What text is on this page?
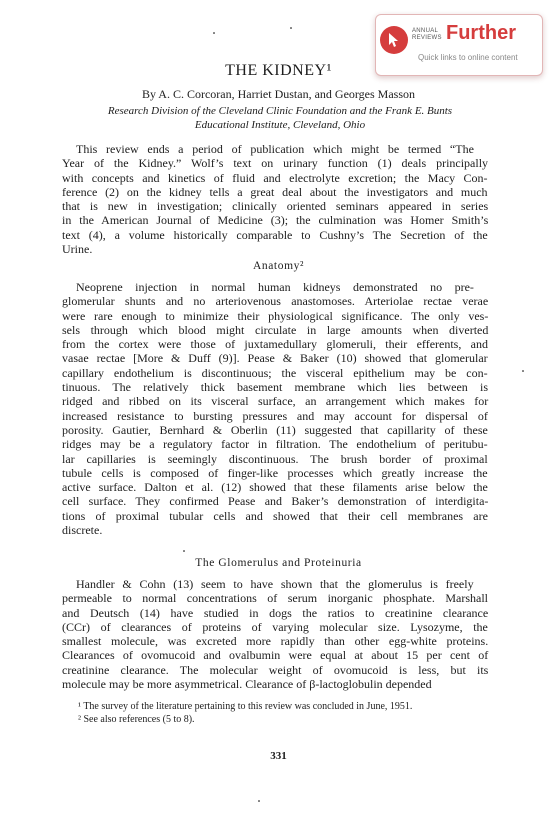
ANNUAL REVIEWS Further
Quick links to online content
THE KIDNEY¹
By A. C. Corcoran, Harriet Dustan, and Georges Masson
Research Division of the Cleveland Clinic Foundation and the Frank E. Bunts
Educational Institute, Cleveland, Ohio
This review ends a period of publication which might be termed “The
Year of the Kidney.” Wolf’s text on urinary function (1) deals principally
with concepts and kinetics of fluid and electrolyte excretion; the Macy Con-
ference (2) on the kidney tells a great deal about the investigators and much
that is new in investigation; clinically oriented seminars appeared in series
in the American Journal of Medicine (3); the culmination was Homer Smith’s
text (4), a volume historically comparable to Cushny’s The Secretion of the
Urine.
Anatomy²
Neoprene injection in normal human kidneys demonstrated no pre-
glomerular shunts and no arteriovenous anastomoses. Arteriolae rectae verae
were rare enough to minimize their physiological significance. The only ves-
sels through which blood might circulate in large amounts when diverted
from the cortex were those of juxtamedullary glomeruli, their efferents, and
vasae rectae [More & Duff (9)]. Pease & Baker (10) showed that glomerular
capillary endothelium is discontinuous; the visceral epithelium may be con-
tinuous. The relatively thick basement membrane which lies between is
ridged and ribbed on its visceral surface, an arrangement which makes for
increased resistance to bursting pressures and may account for dispersal of
porosity. Gautier, Bernhard & Oberlin (11) suggested that capillarity of these
ridges may be a regulatory factor in filtration. The endothelium of peritubu-
lar capillaries is seemingly discontinuous. The brush border of proximal
tubule cells is composed of finger-like processes which greatly increase the
active surface. Dalton et al. (12) showed that these filaments arise below the
cell surface. They confirmed Pease and Baker’s demonstration of interdigita-
tions of proximal tubular cells and showed that their cell membranes are
discrete.
The Glomerulus and Proteinuria
Handler & Cohn (13) seem to have shown that the glomerulus is freely
permeable to normal concentrations of serum inorganic phosphate. Marshall
and Deutsch (14) have studied in dogs the ratios to creatinine clearance
(CCr) of clearances of proteins of varying molecular size. Lysozyme, the
smallest molecule, was excreted more rapidly than other egg-white proteins.
Clearances of ovomucoid and ovalbumin were equal at about 15 per cent of
creatinine clearance. The molecular weight of ovomucoid is less, but its
molecule may be more asymmetrical. Clearance of β-lactoglobulin depended
¹ The survey of the literature pertaining to this review was concluded in June, 1951.
² See also references (5 to 8).
331
